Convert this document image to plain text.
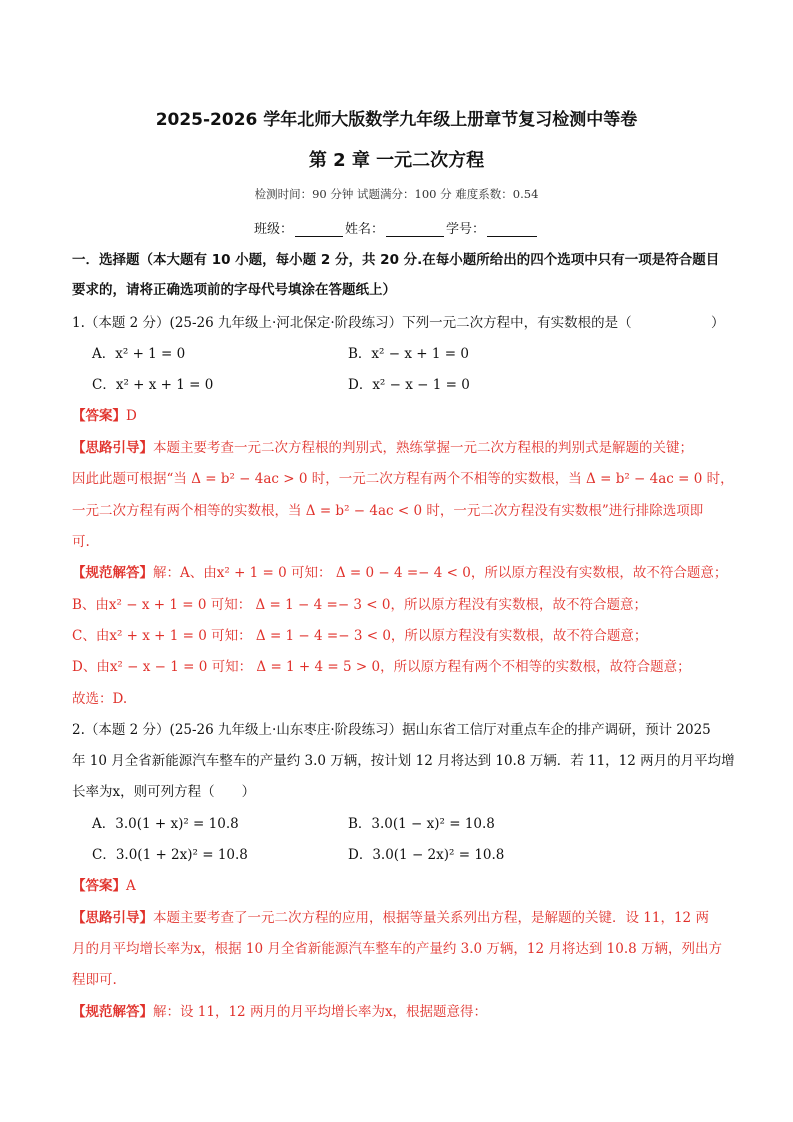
2025-2026 学年北师大版数学九年级上册章节复习检测中等卷
第 2 章 一元二次方程
检测时间：90 分钟 试题满分：100 分 难度系数：0.54
班级：	姓名：	学号：
一．选择题（本大题有 10 小题，每小题 2 分，共 20 分.在每小题所给出的四个选项中只有一项是符合题目
要求的，请将正确选项前的字母代号填涂在答题纸上）
1.（本题 2 分）(25-26 九年级上·河北保定·阶段练习）下列一元二次方程中，有实数根的是（	）
A．x² + 1 = 0	B．x² − x + 1 = 0
C．x² + x + 1 = 0	D．x² − x − 1 = 0
【答案】D
【思路引导】本题主要考查一元二次方程根的判别式，熟练掌握一元二次方程根的判别式是解题的关键；
因此此题可根据“当 Δ = b² − 4ac > 0 时，一元二次方程有两个不相等的实数根，当 Δ = b² − 4ac = 0 时，
一元二次方程有两个相等的实数根，当 Δ = b² − 4ac < 0 时，一元二次方程没有实数根”进行排除选项即
可.
【规范解答】解：A、由x² + 1 = 0 可知： Δ = 0 − 4 =− 4 < 0，所以原方程没有实数根，故不符合题意；
B、由x² − x + 1 = 0 可知： Δ = 1 − 4 =− 3 < 0，所以原方程没有实数根，故不符合题意；
C、由x² + x + 1 = 0 可知： Δ = 1 − 4 =− 3 < 0，所以原方程没有实数根，故不符合题意；
D、由x² − x − 1 = 0 可知： Δ = 1 + 4 = 5 > 0，所以原方程有两个不相等的实数根，故符合题意；
故选：D.
2.（本题 2 分）(25-26 九年级上·山东枣庄·阶段练习）据山东省工信厅对重点车企的排产调研，预计 2025
年 10 月全省新能源汽车整车的产量约 3.0 万辆，按计划 12 月将达到 10.8 万辆．若 11，12 两月的月平均增
长率为x，则可列方程（　　）
A．3.0(1 + x)² = 10.8	B．3.0(1 − x)² = 10.8
C．3.0(1 + 2x)² = 10.8	D．3.0(1 − 2x)² = 10.8
【答案】A
【思路引导】本题主要考查了一元二次方程的应用，根据等量关系列出方程，是解题的关键．设 11，12 两
月的月平均增长率为x，根据 10 月全省新能源汽车整车的产量约 3.0 万辆，12 月将达到 10.8 万辆，列出方
程即可.
【规范解答】解：设 11，12 两月的月平均增长率为x，根据题意得：
